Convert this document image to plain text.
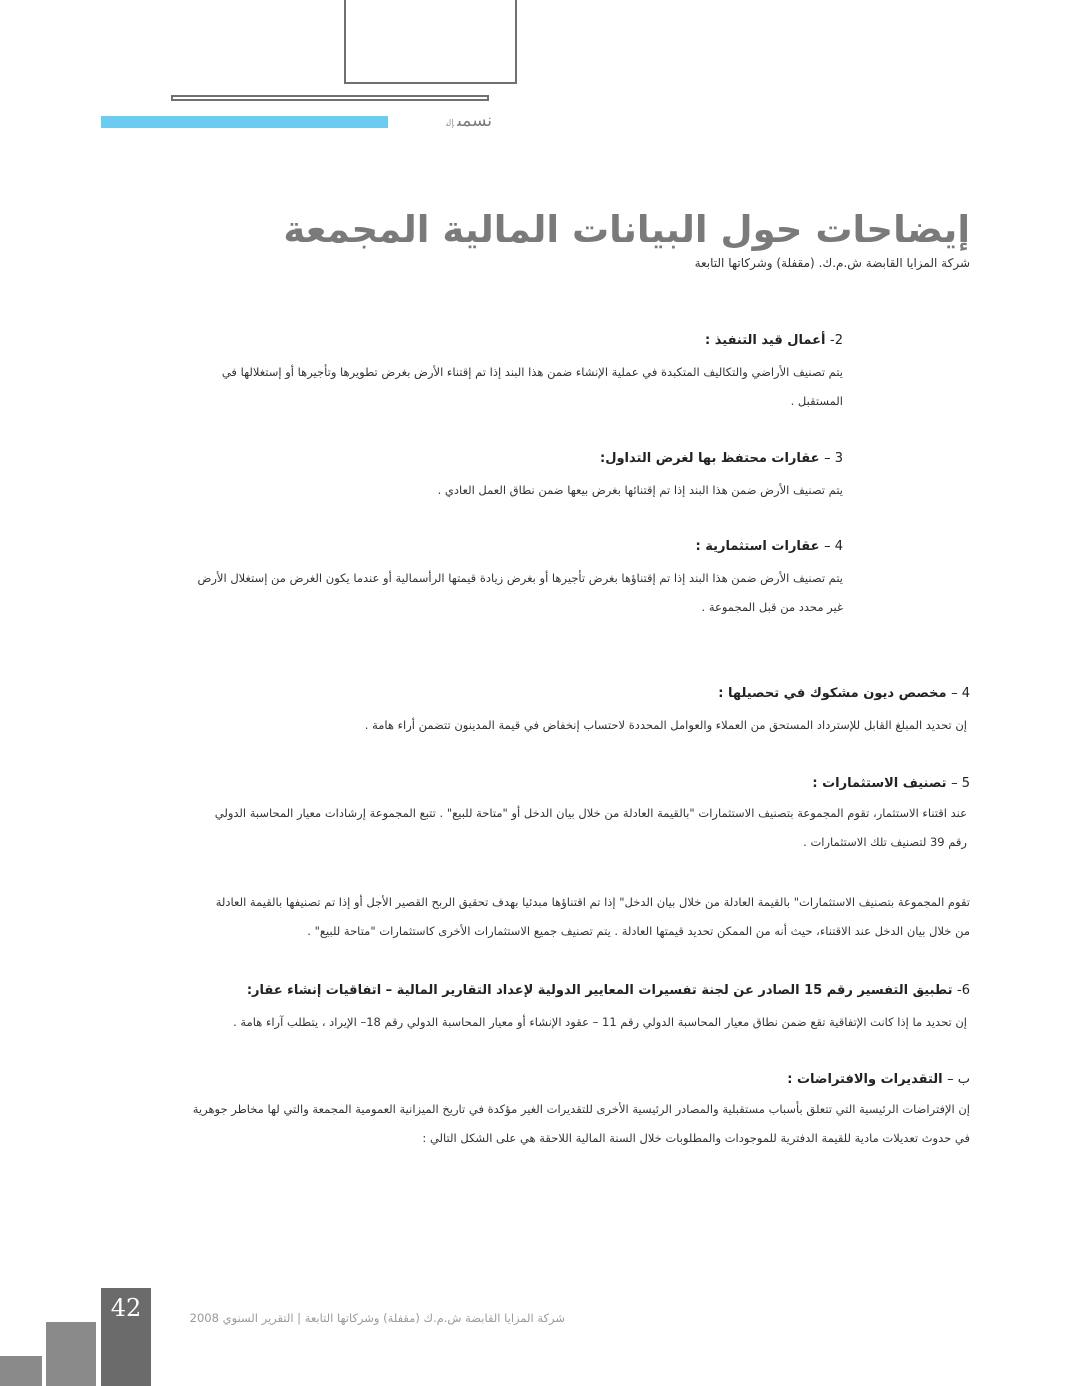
نسمىإلىالارتقاء
إيضاحات حول البيانات المالية المجمعة
شركة المزايا القابضة ش.م.ك. (مقفلة) وشركاتها التابعة
2- أعمال قيد التنفيذ :
يتم تصنيف الأراضي والتكاليف المتكبدة في عملية الإنشاء ضمن هذا البند إذا تم إقتناء الأرض بغرض تطويرها وتأجيرها أو إستغلالها في
المستقبل .
3 – عقارات محتفظ بها لغرض التداول:
يتم تصنيف الأرض ضمن هذا البند إذا تم إقتنائها بغرض بيعها ضمن نطاق العمل العادي .
4 – عقارات استثمارية :
يتم تصنيف الأرض ضمن هذا البند إذا تم إقتناؤها بغرض تأجيرها أو بغرض زيادة قيمتها الرأسمالية أو عندما يكون الغرض من إستغلال الأرض
غير محدد من قبل المجموعة .
4 – مخصص ديون مشكوك في تحصيلها :
إن تحديد المبلغ القابل للإسترداد المستحق من العملاء والعوامل المحددة لاحتساب إنخفاض في قيمة المدينون تتضمن أراء هامة .
5 – تصنيف الاستثمارات :
عند اقتناء الاستثمار، تقوم المجموعة بتصنيف الاستثمارات "بالقيمة العادلة من خلال بيان الدخل أو "متاحة للبيع" . تتبع المجموعة إرشادات معيار المحاسبة الدولي
رقم 39 لتصنيف تلك الاستثمارات .
تقوم المجموعة بتصنيف الاستثمارات" بالقيمة العادلة من خلال بيان الدخل" إذا تم اقتناؤها مبدئيا بهدف تحقيق الربح القصير الأجل أو إذا تم تصنيفها بالقيمة العادلة
من خلال بيان الدخل عند الاقتناء، حيث أنه من الممكن تحديد قيمتها العادلة . يتم تصنيف جميع الاستثمارات الأخرى كاستثمارات "متاحة للبيع" .
6- تطبيق التفسير رقم 15 الصادر عن لجنة تفسيرات المعايير الدولية لإعداد التقارير المالية – اتفاقيات إنشاء عقار:
إن تحديد ما إذا كانت الإتفاقية تقع ضمن نطاق معيار المحاسبة الدولي رقم 11 – عقود الإنشاء أو معيار المحاسبة الدولي رقم 18– الإيراد ، يتطلب آراء هامة .
ب – التقديرات والافتراضات :
إن الإفتراضات الرئيسية التي تتعلق بأسباب مستقبلية والمصادر الرئيسية الأخرى للتقديرات الغير مؤكدة في تاريخ الميزانية العمومية المجمعة والتي لها مخاطر جوهرية
في حدوث تعديلات مادية للقيمة الدفترية للموجودات والمطلوبات خلال السنة المالية اللاحقة هي على الشكل التالي :
42	شركة المزايا القابضة ش.م.ك (مقفلة) وشركاتها التابعة | التقرير السنوي 2008
